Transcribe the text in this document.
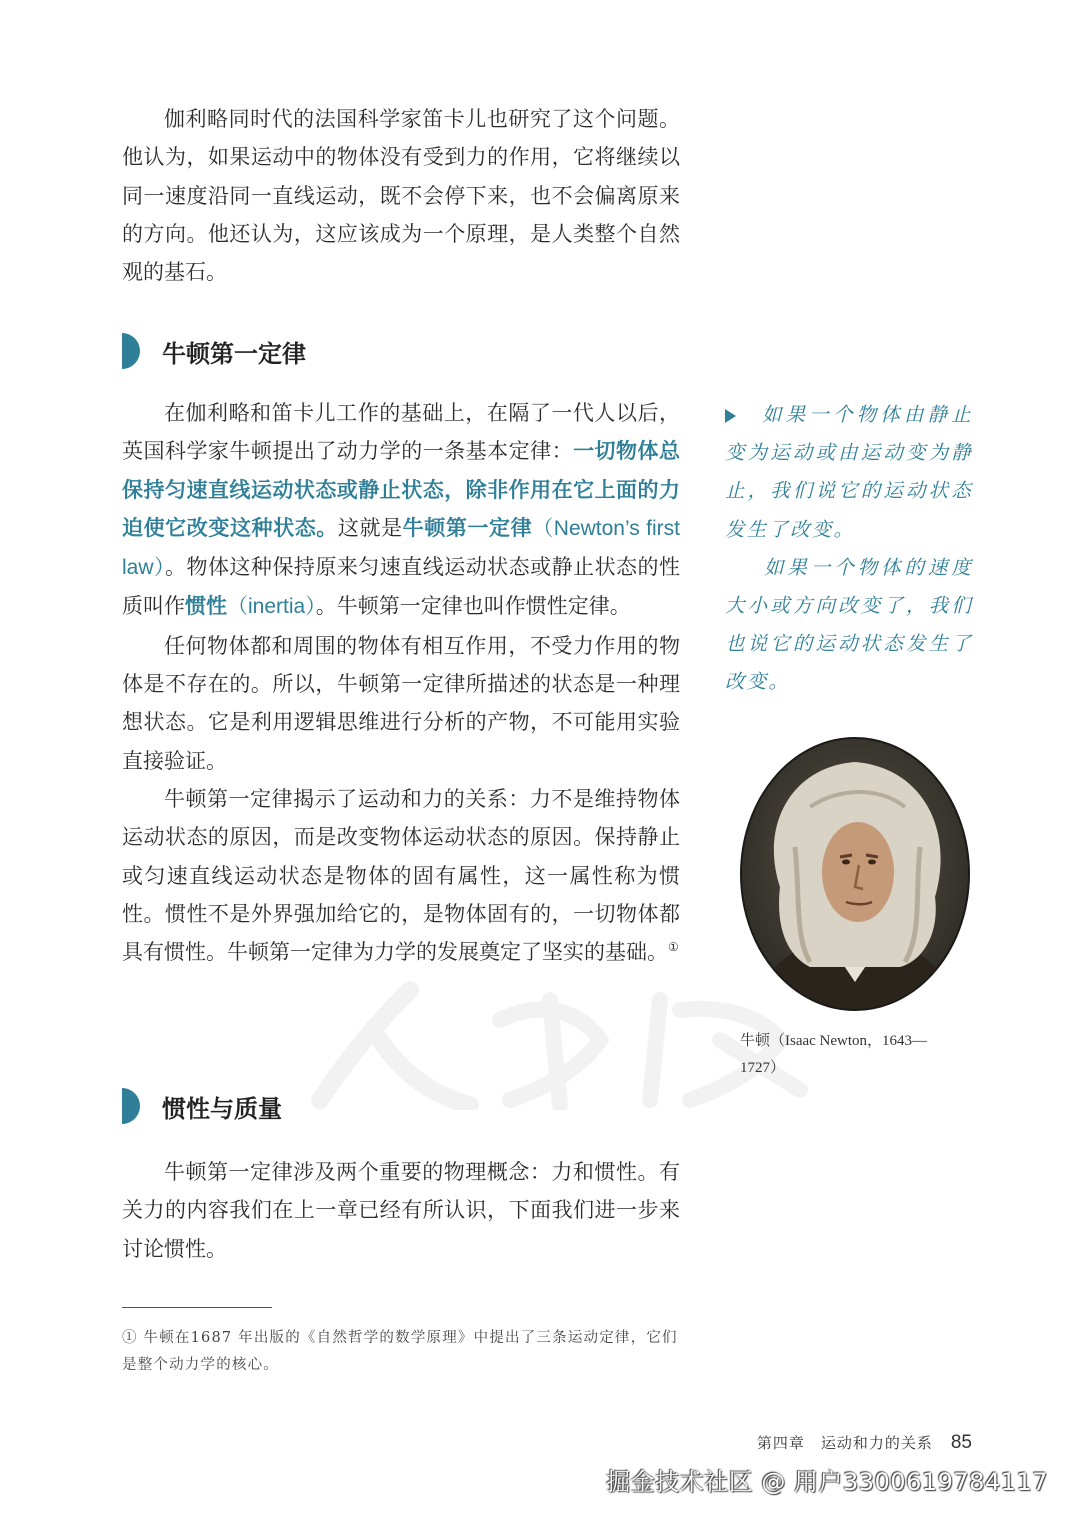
伽利略同时代的法国科学家笛卡儿也研究了这个问题。他认为，如果运动中的物体没有受到力的作用，它将继续以同一速度沿同一直线运动，既不会停下来，也不会偏离原来的方向。他还认为，这应该成为一个原理，是人类整个自然观的基石。

牛顿第一定律

在伽利略和笛卡儿工作的基础上，在隔了一代人以后，英国科学家牛顿提出了动力学的一条基本定律：一切物体总保持匀速直线运动状态或静止状态，除非作用在它上面的力迫使它改变这种状态。这就是牛顿第一定律（Newton’s first law）。物体这种保持原来匀速直线运动状态或静止状态的性质叫作惯性（inertia）。牛顿第一定律也叫作惯性定律。

任何物体都和周围的物体有相互作用，不受力作用的物体是不存在的。所以，牛顿第一定律所描述的状态是一种理想状态。它是利用逻辑思维进行分析的产物，不可能用实验直接验证。

牛顿第一定律揭示了运动和力的关系：力不是维持物体运动状态的原因，而是改变物体运动状态的原因。保持静止或匀速直线运动状态是物体的固有属性，这一属性称为惯性。惯性不是外界强加给它的，是物体固有的，一切物体都具有惯性。牛顿第一定律为力学的发展奠定了坚实的基础。①

惯性与质量

牛顿第一定律涉及两个重要的物理概念：力和惯性。有关力的内容我们在上一章已经有所认识，下面我们进一步来讨论惯性。

如果一个物体由静止变为运动或由运动变为静止，我们说它的运动状态发生了改变。

如果一个物体的速度大小或方向改变了，我们也说它的运动状态发生了改变。

牛顿（Isaac Newton，1643—1727）
① 牛顿在1687 年出版的《自然哲学的数学原理》中提出了三条运动定律，它们是整个动力学的核心。
第四章　运动和力的关系 85
掘金技术社区 @ 用户3300619784117
